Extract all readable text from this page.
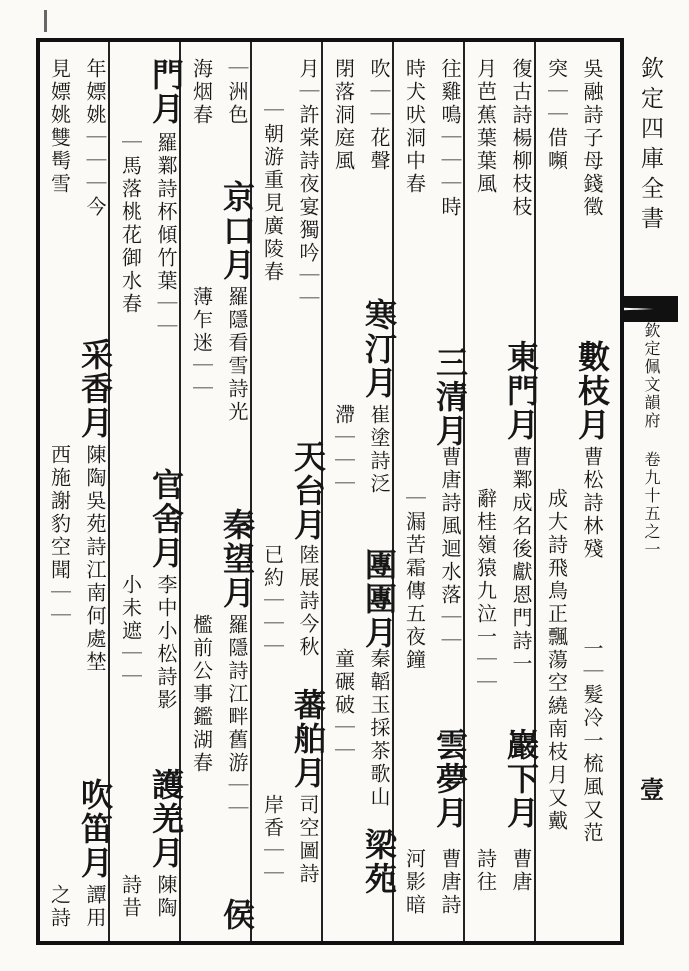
吳融詩子母錢徵
數枝月
曹松詩林殘
一｜髮冷一梳風又范
突｜｜借嚬
成大詩飛鳥正飄蕩空繞南枝月又戴
復古詩楊柳枝枝
東門月
曹鄴成名後獻恩門詩一
巖下月
曹唐
月芭蕉葉葉風
辭桂嶺猿九泣一｜｜
詩往
往雞鳴｜｜｜時
三清月
曹唐詩風迴水落｜｜
雲夢月
曹唐詩
時犬吠洞中春
｜漏苦霜傳五夜鐘
河影暗
吹｜｜花聲
寒汀月
崔塗詩泛
團團月
秦韜玉採茶歌山
梁苑
閉落洞庭風
滯｜｜｜
童碾破｜｜
月｜許棠詩夜宴獨吟｜｜
天台月
陸展詩今秋
蕃舶月
司空圖詩
｜朝游重見廣陵春
已約｜｜｜
岸香｜｜
｜洲色
京口月
羅隱看雪詩光
秦望月
羅隱詩江畔舊游｜｜
侯
海烟春
薄乍迷｜｜
檻前公事鑑湖春
門月
羅鄴詩杯傾竹葉｜｜
官舍月
李中小松詩影
護羌月
陳陶
｜馬落桃花御水春
小未遮｜｜
詩昔
年嫖姚｜｜｜今
采香月
陳陶吳苑詩江南何處埜
吹笛月
譚用
見嫖姚雙髩雪
西施謝豹空聞｜｜
之詩
欽定四庫全書
欽定佩文韻府 卷九十五之一
壹
